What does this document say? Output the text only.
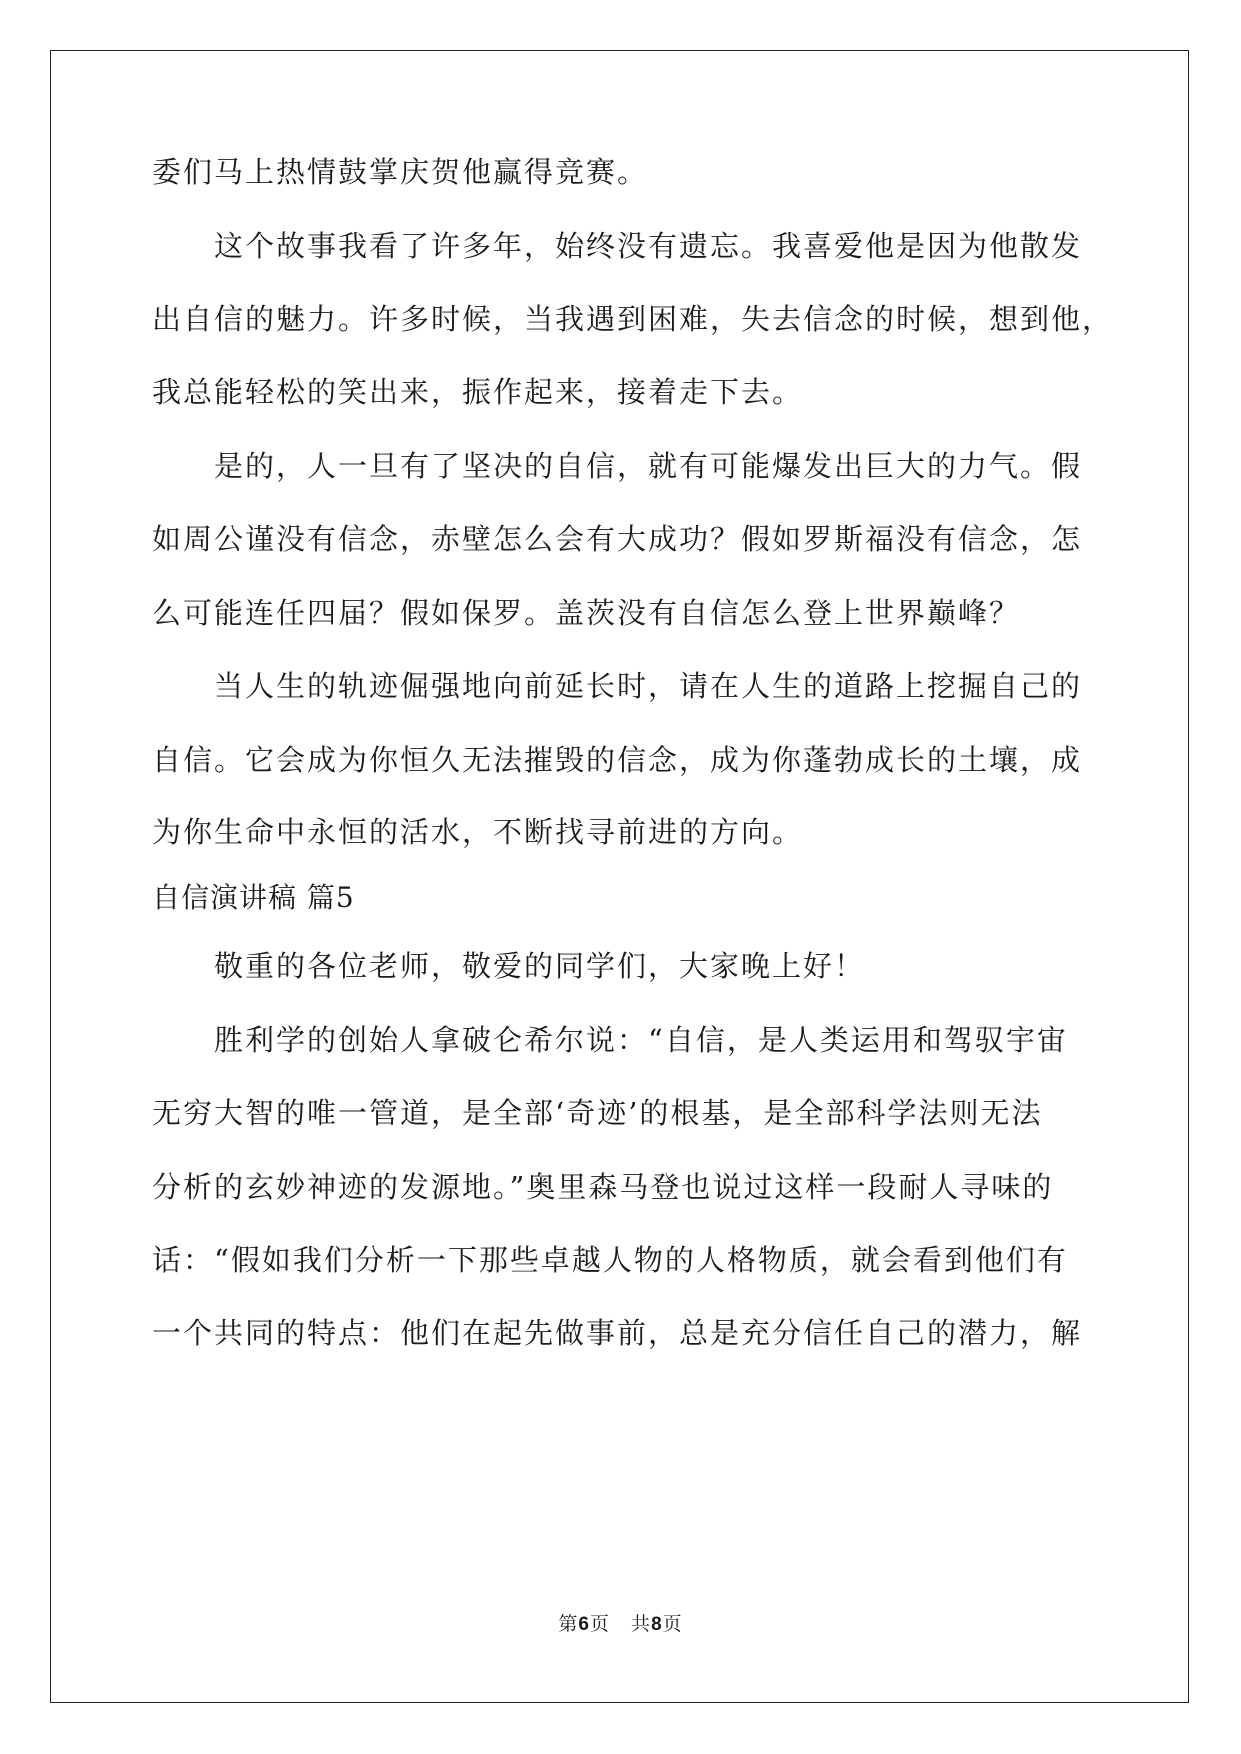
委们马上热情鼓掌庆贺他赢得竞赛。
这个故事我看了许多年，始终没有遗忘。我喜爱他是因为他散发
出自信的魅力。许多时候，当我遇到困难，失去信念的时候，想到他，
我总能轻松的笑出来，振作起来，接着走下去。
是的，人一旦有了坚决的自信，就有可能爆发出巨大的力气。假
如周公谨没有信念，赤壁怎么会有大成功？假如罗斯福没有信念，怎
么可能连任四届？假如保罗。盖茨没有自信怎么登上世界巅峰？
当人生的轨迹倔强地向前延长时，请在人生的道路上挖掘自己的
自信。它会成为你恒久无法摧毁的信念，成为你蓬勃成长的土壤，成
为你生命中永恒的活水，不断找寻前进的方向。
自信演讲稿 篇5
敬重的各位老师，敬爱的同学们，大家晚上好！
胜利学的创始人拿破仑希尔说：“自信，是人类运用和驾驭宇宙
无穷大智的唯一管道，是全部‘奇迹’的根基，是全部科学法则无法
分析的玄妙神迹的发源地。”奥里森马登也说过这样一段耐人寻味的
话：“假如我们分析一下那些卓越人物的人格物质，就会看到他们有
一个共同的特点：他们在起先做事前，总是充分信任自己的潜力，解
第6页   共8页
